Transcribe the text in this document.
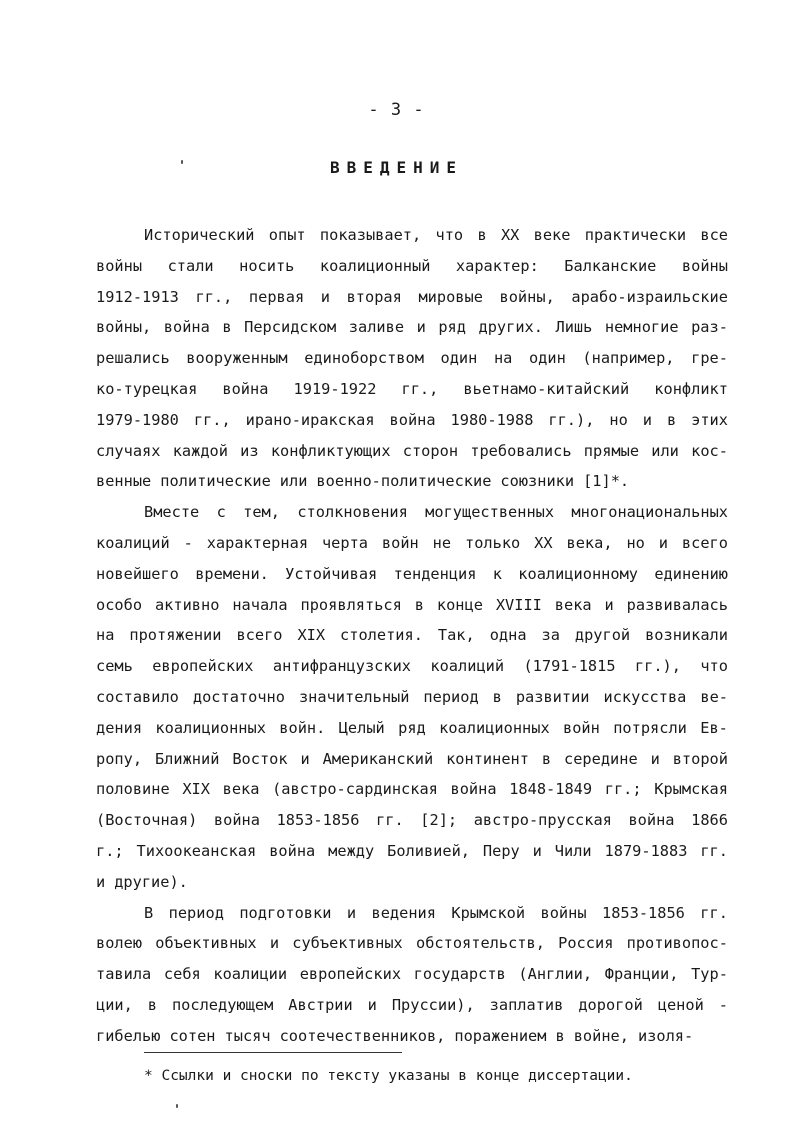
- 3 -
ВВЕДЕНИЕ
Исторический опыт показывает, что в XX веке практически все
войны стали носить коалиционный характер: Балканские войны
1912-1913 гг., первая и вторая мировые войны, арабо-израильские
войны, война в Персидском заливе и ряд других. Лишь немногие раз-
решались вооруженным единоборством один на один (например, гре-
ко-турецкая война 1919-1922 гг., вьетнамо-китайский конфликт
1979-1980 гг., ирано-иракская война 1980-1988 гг.), но и в этих
случаях каждой из конфликтующих сторон требовались прямые или кос-
венные политические или военно-политические союзники [1]*.
Вместе с тем, столкновения могущественных многонациональных
коалиций - характерная черта войн не только XX века, но и всего
новейшего времени. Устойчивая тенденция к коалиционному единению
особо активно начала проявляться в конце XVIII века и развивалась
на протяжении всего XIX столетия. Так, одна за другой возникали
семь европейских антифранцузских коалиций (1791-1815 гг.), что
составило достаточно значительный период в развитии искусства ве-
дения коалиционных войн. Целый ряд коалиционных войн потрясли Ев-
ропу, Ближний Восток и Американский континент в середине и второй
половине XIX века (австро-сардинская война 1848-1849 гг.; Крымская
(Восточная) война 1853-1856 гг. [2]; австро-прусская война 1866
г.; Тихоокеанская война между Боливией, Перу и Чили 1879-1883 гг.
и другие).
В период подготовки и ведения Крымской войны 1853-1856 гг.
волею объективных и субъективных обстоятельств, Россия противопос-
тавила себя коалиции европейских государств (Англии, Франции, Тур-
ции, в последующем Австрии и Пруссии), заплатив дорогой ценой -
гибелью сотен тысяч соотечественников, поражением в войне, изоля-
* Ссылки и сноски по тексту указаны в конце диссертации.
